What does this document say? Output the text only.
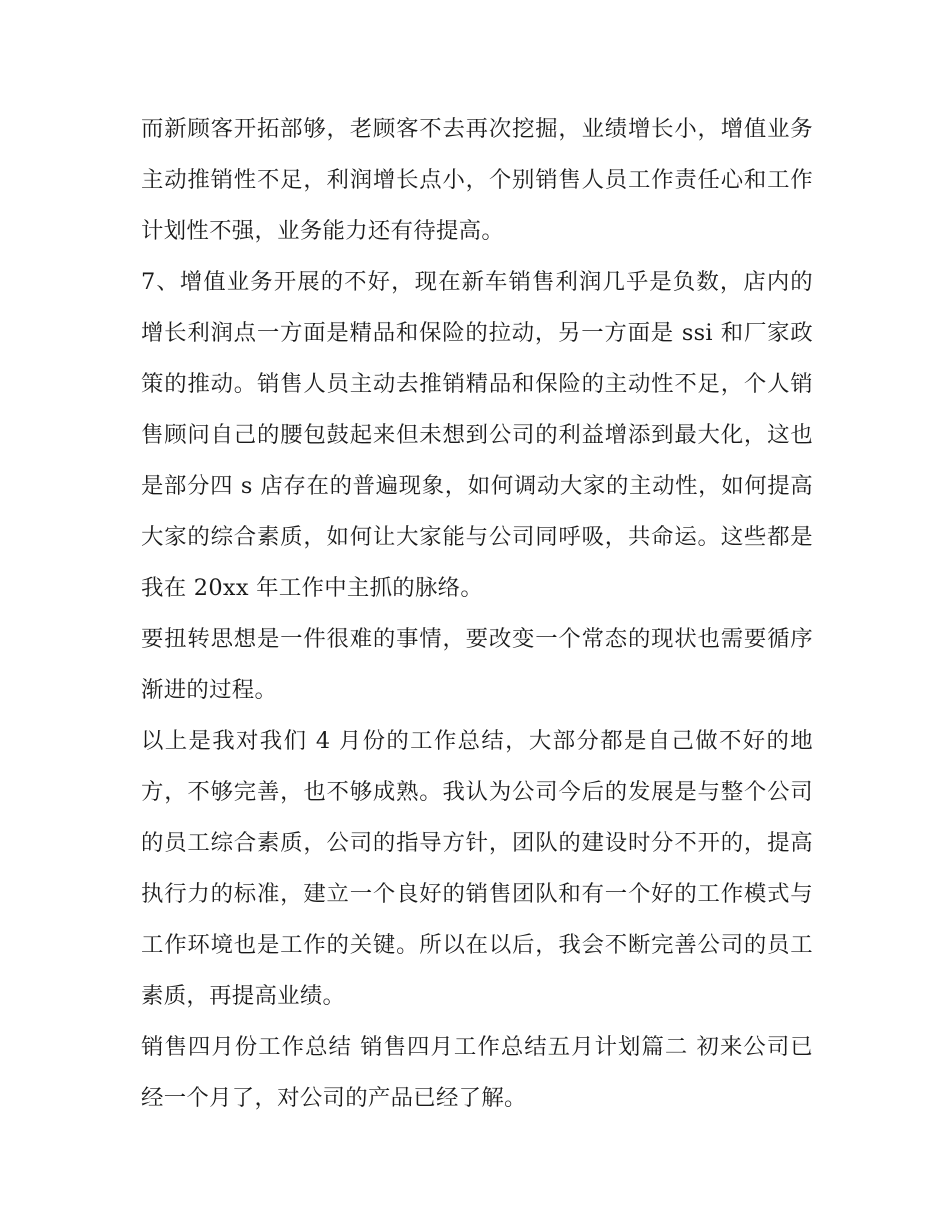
而新顾客开拓部够，老顾客不去再次挖掘，业绩增长小，增值业务主动推销性不足，利润增长点小，个别销售人员工作责任心和工作计划性不强，业务能力还有待提高。

7、增值业务开展的不好，现在新车销售利润几乎是负数，店内的增长利润点一方面是精品和保险的拉动，另一方面是 ssi 和厂家政策的推动。销售人员主动去推销精品和保险的主动性不足，个人销售顾问自己的腰包鼓起来但未想到公司的利益增添到最大化，这也是部分四 s 店存在的普遍现象，如何调动大家的主动性，如何提高大家的综合素质，如何让大家能与公司同呼吸，共命运。这些都是我在 20xx 年工作中主抓的脉络。

要扭转思想是一件很难的事情，要改变一个常态的现状也需要循序渐进的过程。

以上是我对我们 4 月份的工作总结，大部分都是自己做不好的地方，不够完善，也不够成熟。我认为公司今后的发展是与整个公司的员工综合素质，公司的指导方针，团队的建设时分不开的，提高执行力的标准，建立一个良好的销售团队和有一个好的工作模式与工作环境也是工作的关键。所以在以后，我会不断完善公司的员工素质，再提高业绩。

销售四月份工作总结 销售四月工作总结五月计划篇二 初来公司已经一个月了，对公司的产品已经了解。
